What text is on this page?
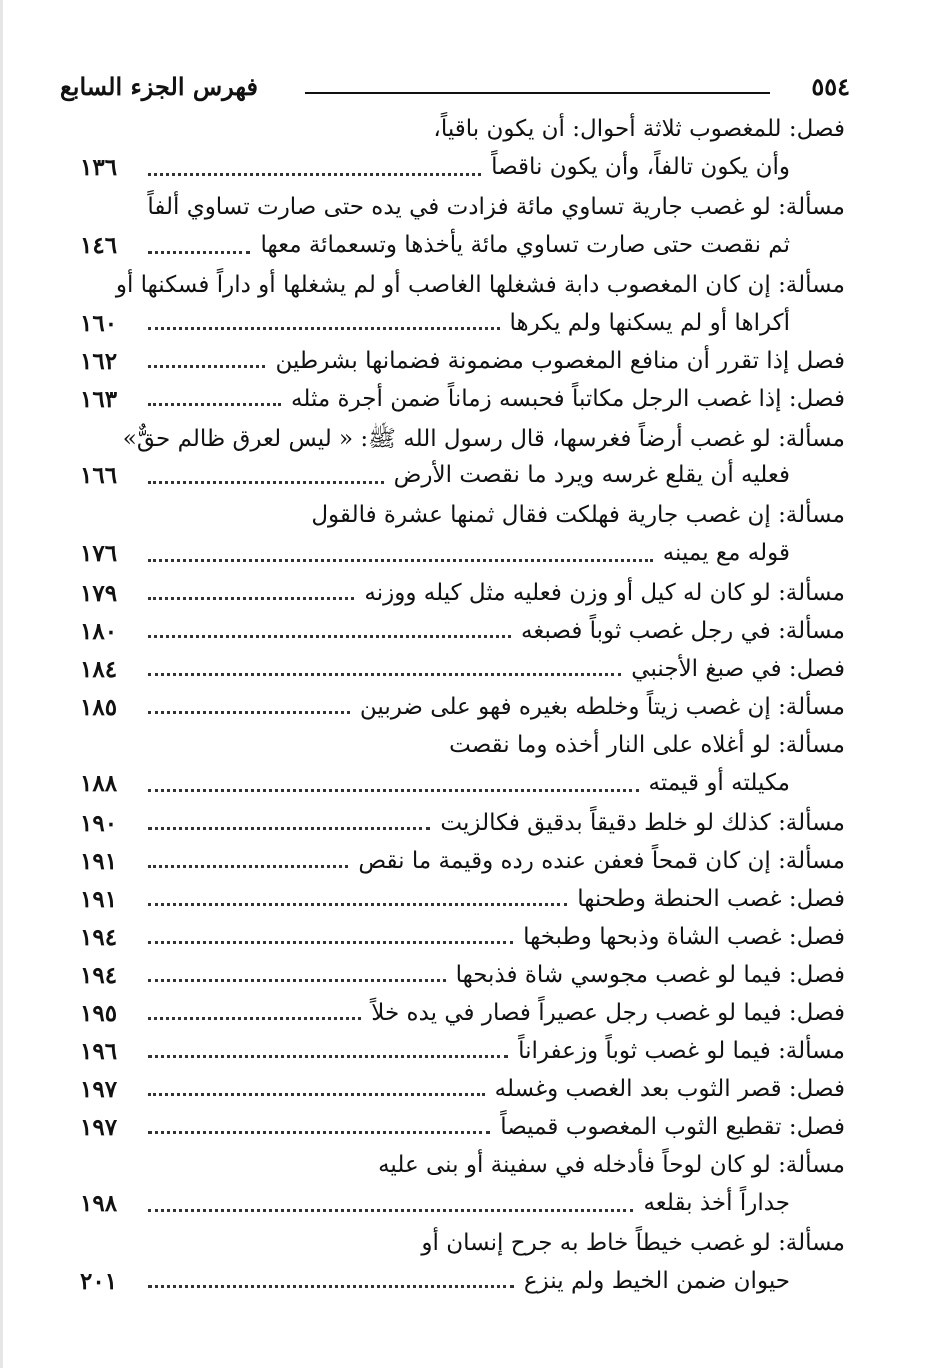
٥٥٤
فهرس الجزء السابع
فصل: للمغصوب ثلاثة أحوال: أن يكون باقياً،
وأن يكون تالفاً، وأن يكون ناقصاً
١٣٦
مسألة: لو غصب جارية تساوي مائة فزادت في يده حتى صارت تساوي ألفاً
ثم نقصت حتى صارت تساوي مائة يأخذها وتسعمائة معها
١٤٦
مسألة: إن كان المغصوب دابة فشغلها الغاصب أو لم يشغلها أو داراً فسكنها أو
أكراها أو لم يسكنها ولم يكرها
١٦٠
فصل إذا تقرر أن منافع المغصوب مضمونة فضمانها بشرطين
١٦٢
فصل: إذا غصب الرجل مكاتباً فحبسه زماناً ضمن أجرة مثله
١٦٣
مسألة: لو غصب أرضاً فغرسها، قال رسول الله ﷺ: « ليس لعرق ظالم حقٌّ»
فعليه أن يقلع غرسه ويرد ما نقصت الأرض
١٦٦
مسألة: إن غصب جارية فهلكت فقال ثمنها عشرة فالقول
قوله مع يمينه
١٧٦
مسألة: لو كان له كيل أو وزن فعليه مثل كيله ووزنه
١٧٩
مسألة: في رجل غصب ثوباً فصبغه
١٨٠
فصل: في صبغ الأجنبي
١٨٤
مسألة: إن غصب زيتاً وخلطه بغيره فهو على ضربين
١٨٥
مسألة: لو أغلاه على النار أخذه وما نقصت
مكيلته أو قيمته
١٨٨
مسألة: كذلك لو خلط دقيقاً بدقيق فكالزيت
١٩٠
مسألة: إن كان قمحاً فعفن عنده رده وقيمة ما نقص
١٩١
فصل: غصب الحنطة وطحنها
١٩١
فصل: غصب الشاة وذبحها وطبخها
١٩٤
فصل: فيما لو غصب مجوسي شاة فذبحها
١٩٤
فصل: فيما لو غصب رجل عصيراً فصار في يده خلاً
١٩٥
مسألة: فيما لو غصب ثوباً وزعفراناً
١٩٦
فصل: قصر الثوب بعد الغصب وغسله
١٩٧
فصل: تقطيع الثوب المغصوب قميصاً
١٩٧
مسألة: لو كان لوحاً فأدخله في سفينة أو بنى عليه
جداراً أخذ بقلعه
١٩٨
مسألة: لو غصب خيطاً خاط به جرح إنسان أو
حيوان ضمن الخيط ولم ينزع
٢٠١
